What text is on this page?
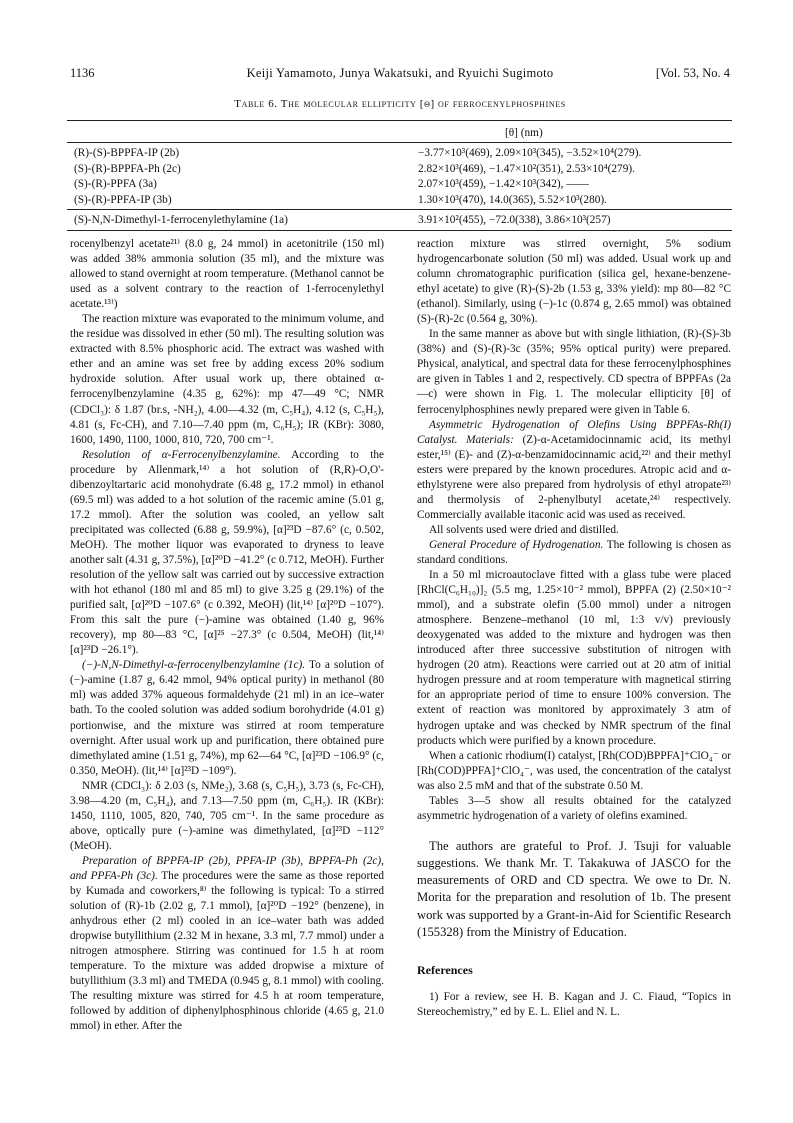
1136	Keiji Yamamoto, Junya Wakatsuki, and Ryuichi Sugimoto	[Vol. 53, No. 4
Table 6. The molecular ellipticity [θ] of ferrocenylphosphines
[θ] (nm)
(R)-(S)-BPPFA-IP (2b)	−3.77×10³(469), 2.09×10³(345), −3.52×10⁴(279).
(S)-(R)-BPPFA-Ph (2c)	2.82×10³(469), −1.47×10²(351), 2.53×10⁴(279).
(S)-(R)-PPFA (3a)	2.07×10³(459), −1.42×10³(342), ——
(S)-(R)-PPFA-IP (3b)	1.30×10³(470), 14.0(365), 5.52×10³(280).
(S)-N,N-Dimethyl-1-ferrocenylethylamine (1a)	3.91×10²(455), −72.0(338), 3.86×10³(257)

rocenylbenzyl acetate²¹⁾ (8.0 g, 24 mmol) in acetonitrile (150 ml) was added 38% ammonia solution (35 ml), and the mixture was allowed to stand overnight at room temperature. (Methanol cannot be used as a solvent contrary to the reaction of 1-ferrocenylethyl acetate.¹³⁾)

The reaction mixture was evaporated to the minimum volume, and the residue was dissolved in ether (50 ml). The resulting solution was extracted with 8.5% phosphoric acid. The extract was washed with ether and an amine was set free by adding excess 20% sodium hydroxide solution. After usual work up, there obtained α-ferrocenylbenzylamine (4.35 g, 62%): mp 47—49 °C; NMR (CDCl₃): δ 1.87 (br.s, -NH₂), 4.00—4.32 (m, C₅H₄), 4.12 (s, C₅H₅), 4.81 (s, Fc-CH), and 7.10—7.40 ppm (m, C₆H₅); IR (KBr): 3080, 1600, 1490, 1100, 1000, 810, 720, 700 cm⁻¹.

Resolution of α-Ferrocenylbenzylamine. According to the procedure by Allenmark,¹⁴⁾ a hot solution of (R,R)-O,O'-dibenzoyltartaric acid monohydrate (6.48 g, 17.2 mmol) in ethanol (69.5 ml) was added to a hot solution of the racemic amine (5.01 g, 17.2 mmol). After the solution was cooled, an yellow salt precipitated was collected (6.88 g, 59.9%), [α]²³D −87.6° (c, 0.502, MeOH). The mother liquor was evaporated to dryness to leave another salt (4.31 g, 37.5%), [α]²⁰D −41.2° (c 0.712, MeOH). Further resolution of the yellow salt was carried out by successive extraction with hot ethanol (180 ml and 85 ml) to give 3.25 g (29.1%) of the purified salt, [α]²⁰D −107.6° (c 0.392, MeOH) (lit,¹⁴⁾ [α]²⁰D −107°). From this salt the pure (−)-amine was obtained (1.40 g, 96% recovery), mp 80—83 °C, [α]²⁵ −27.3° (c 0.504, MeOH) (lit,¹⁴⁾ [α]²³D −26.1°).

(−)-N,N-Dimethyl-α-ferrocenylbenzylamine (1c). To a solution of (−)-amine (1.87 g, 6.42 mmol, 94% optical purity) in methanol (80 ml) was added 37% aqueous formaldehyde (21 ml) in an ice–water bath. To the cooled solution was added sodium borohydride (4.01 g) portionwise, and the mixture was stirred at room temperature overnight. After usual work up and purification, there obtained pure dimethylated amine (1.51 g, 74%), mp 62—64 °C, [α]²³D −106.9° (c, 0.350, MeOH). (lit,¹⁴⁾ [α]²³D −109°).

NMR (CDCl₃): δ 2.03 (s, NMe₂), 3.68 (s, C₅H₅), 3.73 (s, Fc-CH), 3.98—4.20 (m, C₅H₄), and 7.13—7.50 ppm (m, C₆H₅). IR (KBr): 1450, 1110, 1005, 820, 740, 705 cm⁻¹. In the same procedure as above, optically pure (−)-amine was dimethylated, [α]²³D −112° (MeOH).

Preparation of BPPFA-IP (2b), PPFA-IP (3b), BPPFA-Ph (2c), and PPFA-Ph (3c). The procedures were the same as those reported by Kumada and coworkers,⁸⁾ the following is typical: To a stirred solution of (R)-1b (2.02 g, 7.1 mmol), [α]²⁰D −192° (benzene), in anhydrous ether (2 ml) cooled in an ice–water bath was added dropwise butyllithium (2.32 M in hexane, 3.3 ml, 7.7 mmol) under a nitrogen atmosphere. Stirring was continued for 1.5 h at room temperature. To the mixture was added dropwise a mixture of butyllithium (3.3 ml) and TMEDA (0.945 g, 8.1 mmol) with cooling. The resulting mixture was stirred for 4.5 h at room temperature, followed by addition of diphenylphosphinous chloride (4.65 g, 21.0 mmol) in ether. After the

reaction mixture was stirred overnight, 5% sodium hydrogencarbonate solution (50 ml) was added. Usual work up and column chromatographic purification (silica gel, hexane-benzene-ethyl acetate) to give (R)-(S)-2b (1.53 g, 33% yield): mp 80—82 °C (ethanol). Similarly, using (−)-1c (0.874 g, 2.65 mmol) was obtained (S)-(R)-2c (0.564 g, 30%).

In the same manner as above but with single lithiation, (R)-(S)-3b (38%) and (S)-(R)-3c (35%; 95% optical purity) were prepared. Physical, analytical, and spectral data for these ferrocenylphosphines are given in Tables 1 and 2, respectively. CD spectra of BPPFAs (2a—c) were shown in Fig. 1. The molecular ellipticity [θ] of ferrocenylphosphines newly prepared were given in Table 6.

Asymmetric Hydrogenation of Olefins Using BPPFAs-Rh(I) Catalyst. Materials: (Z)-α-Acetamidocinnamic acid, its methyl ester,¹⁵⁾ (E)- and (Z)-α-benzamidocinnamic acid,²²⁾ and their methyl esters were prepared by the known procedures. Atropic acid and α-ethylstyrene were also prepared from hydrolysis of ethyl atropate²³⁾ and thermolysis of 2-phenylbutyl acetate,²⁴⁾ respectively. Commercially available itaconic acid was used as received.

All solvents used were dried and distilled.

General Procedure of Hydrogenation. The following is chosen as standard conditions.

In a 50 ml microautoclave fitted with a glass tube were placed [RhCl(C₆H₁₀)]₂ (5.5 mg, 1.25×10⁻² mmol), BPPFA (2) (2.50×10⁻² mmol), and a substrate olefin (5.00 mmol) under a nitrogen atmosphere. Benzene–methanol (10 ml, 1:3 v/v) previously deoxygenated was added to the mixture and hydrogen was then introduced after three successive substitution of nitrogen with hydrogen (20 atm). Reactions were carried out at 20 atm of initial hydrogen pressure and at room temperature with magnetical stirring for an appropriate period of time to ensure 100% conversion. The extent of reaction was monitored by approximately 3 atm of hydrogen uptake and was checked by NMR spectrum of the final products which were purified by a known procedure.

When a cationic rhodium(I) catalyst, [Rh(COD)BPPFA]⁺ClO₄⁻ or [Rh(COD)PPFA]⁺ClO₄⁻, was used, the concentration of the catalyst was also 2.5 mM and that of the substrate 0.50 M.

Tables 3—5 show all results obtained for the catalyzed asymmetric hydrogenation of a variety of olefins examined.

The authors are grateful to Prof. J. Tsuji for valuable suggestions. We thank Mr. T. Takakuwa of JASCO for the measurements of ORD and CD spectra. We owe to Dr. N. Morita for the preparation and resolution of 1b. The present work was supported by a Grant-in-Aid for Scientific Research (155328) from the Ministry of Education.

References

1) For a review, see H. B. Kagan and J. C. Fiaud, “Topics in Stereochemistry,” ed by E. L. Eliel and N. L.
